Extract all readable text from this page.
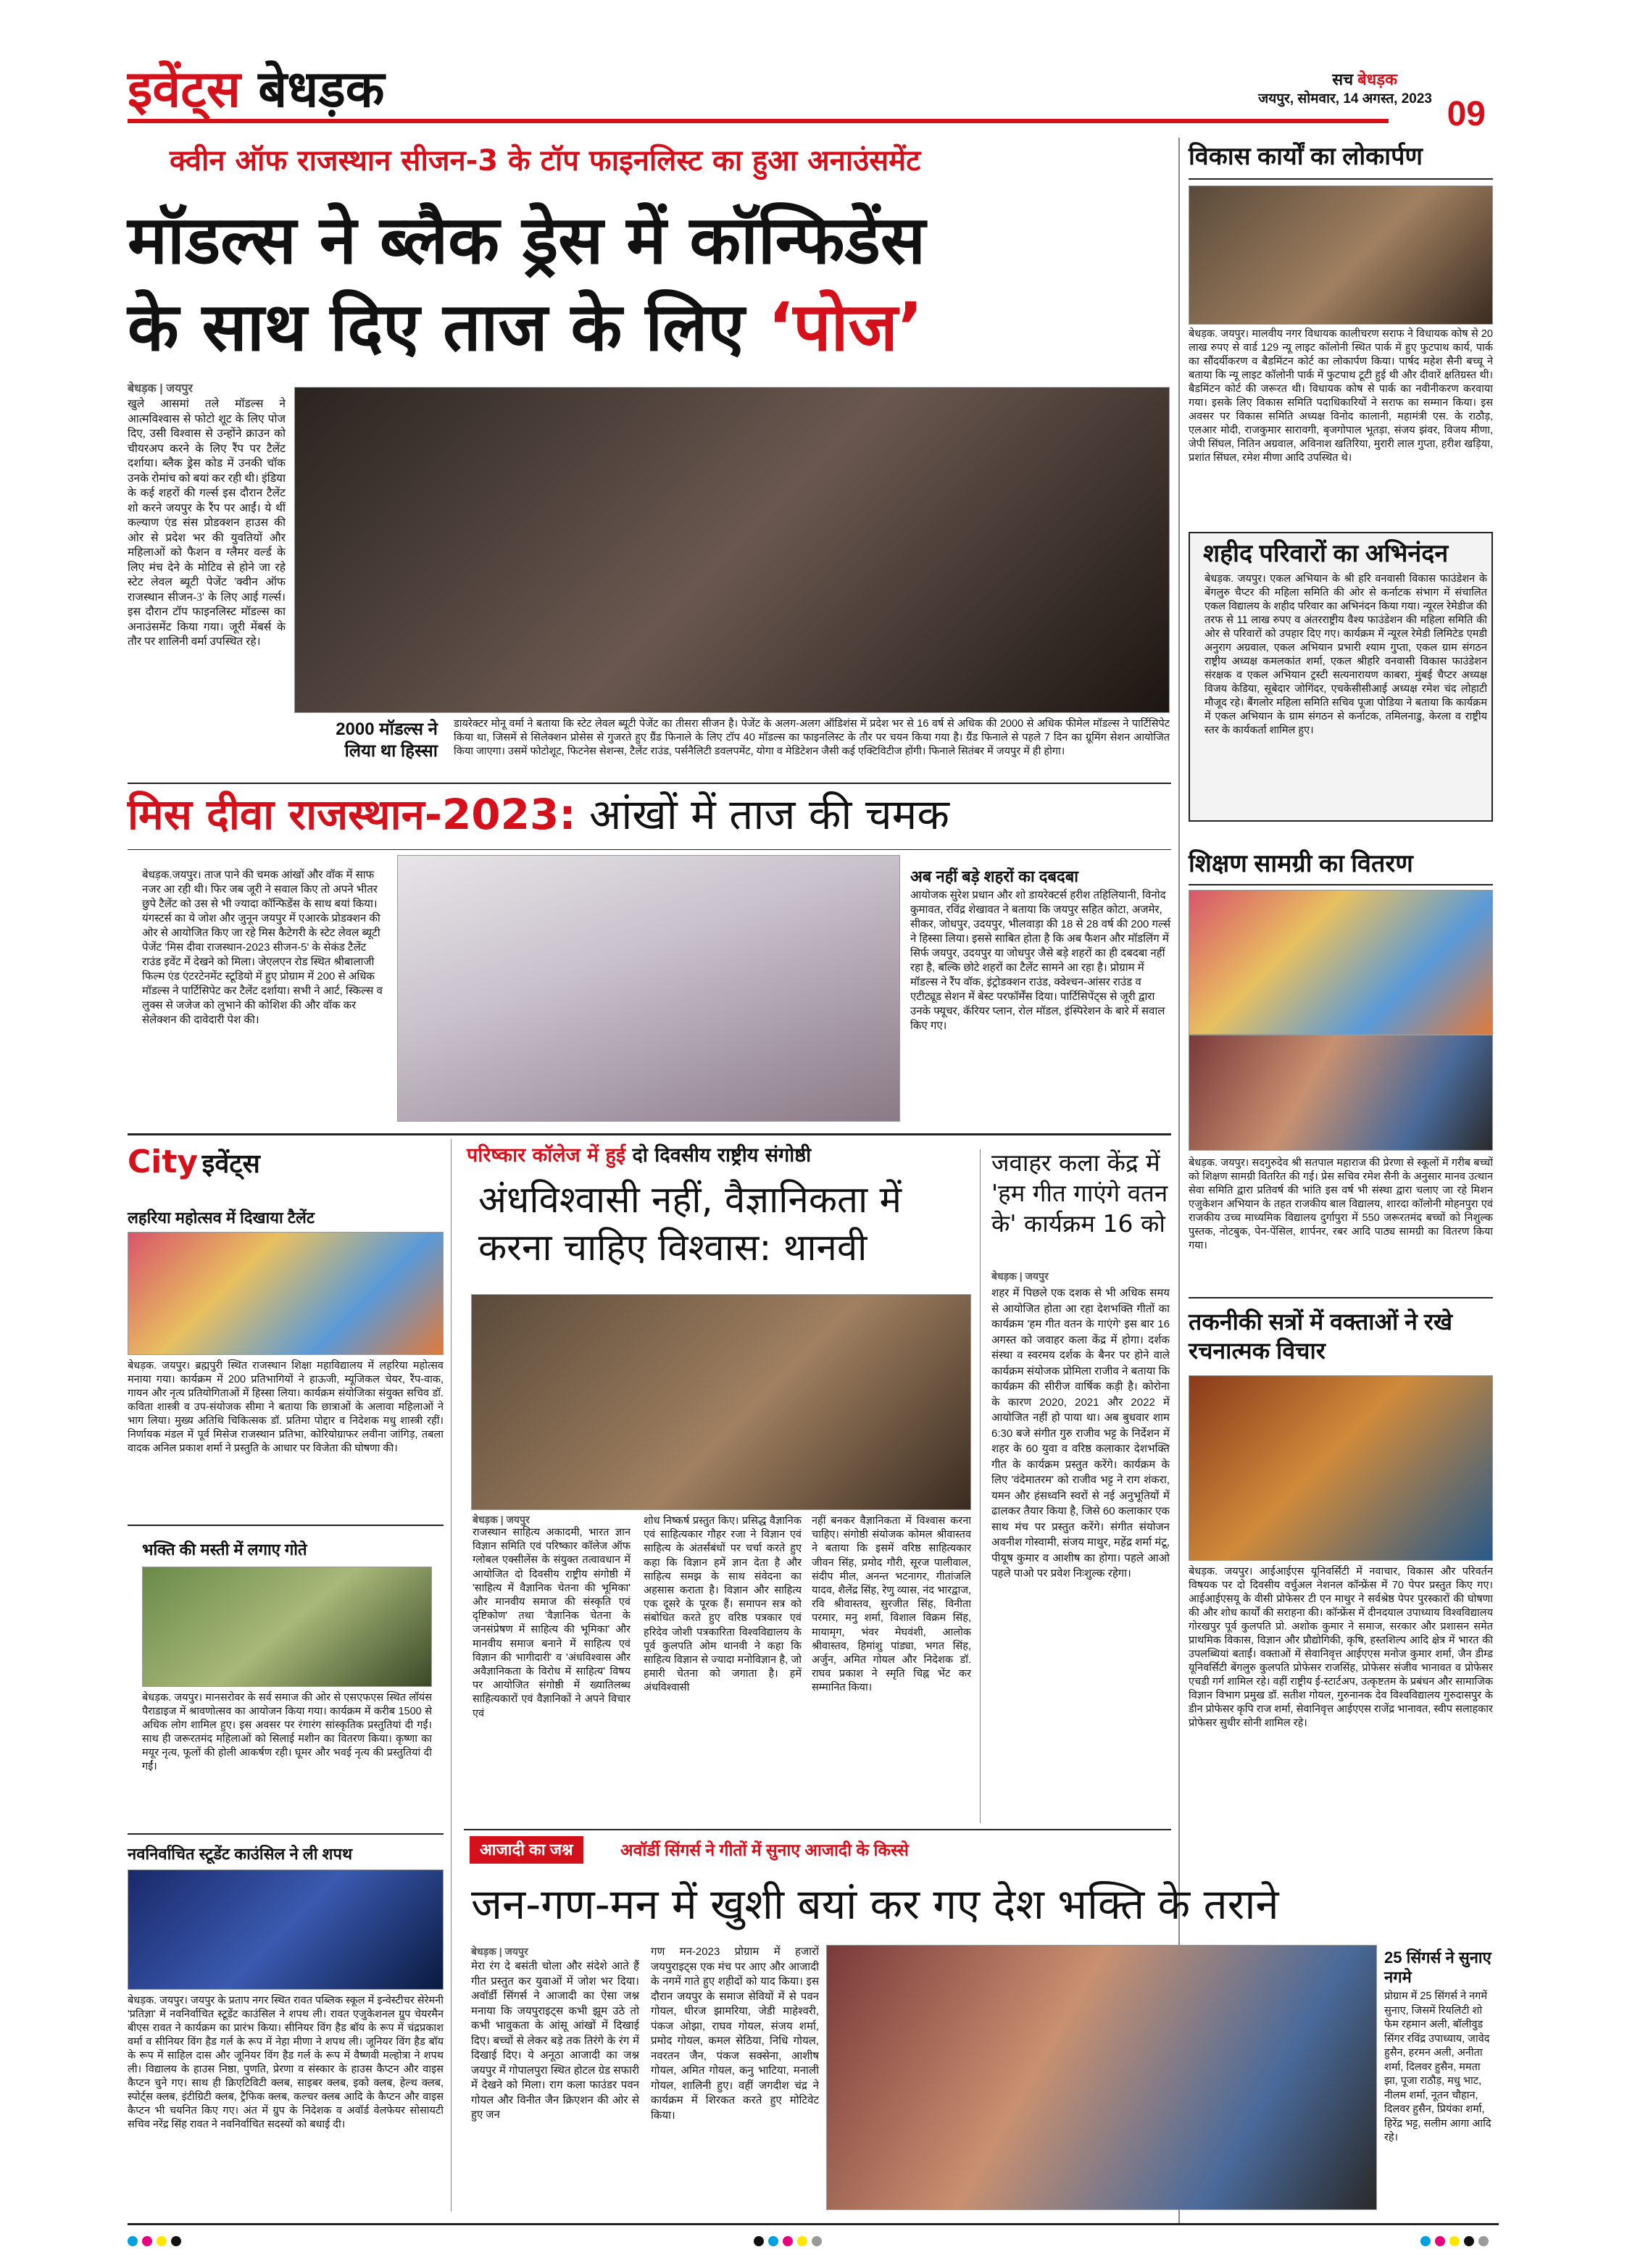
इवेंट्स बेधड़क	सच बेधड़क
जयपुर, सोमवार, 14 अगस्त, 2023 09
क्वीन ऑफ राजस्थान सीजन-3 के टॉप फाइनलिस्ट का हुआ अनाउंसमेंट
मॉडल्स ने ब्लैक ड्रेस में कॉन्फिडेंस
के साथ दिए ताज के लिए ‘पोज’
बेधड़क | जयपुर
खुले आसमां तले मॉडल्स ने आत्मविश्वास से फोटो शूट के लिए पोज दिए, उसी विश्वास से उन्होंने क्राउन को चीयरअप करने के लिए रैंप पर टैलेंट दर्शाया। ब्लैक ड्रेस कोड में उनकी चॉक उनके रोमांच को बयां कर रही थी। इंडिया के कई शहरों की गर्ल्स इस दौरान टैलेंट शो करने जयपुर के रैंप पर आईं। ये थीं कल्याण एंड संस प्रोडक्शन हाउस की ओर से प्रदेश भर की युवतियों और महिलाओं को फैशन व ग्लैमर वर्ल्ड के लिए मंच देने के मोटिव से होने जा रहे स्टेट लेवल ब्यूटी पेजेंट 'क्वीन ऑफ राजस्थान सीजन-3' के लिए आई गर्ल्स। इस दौरान टॉप फाइनलिस्ट मॉडल्स का अनाउंसमेंट किया गया। जूरी मेंबर्स के तौर पर शालिनी वर्मा उपस्थित रहे।
2000 मॉडल्स ने लिया था हिस्सा
डायरेक्टर मोनू वर्मा ने बताया कि स्टेट लेवल ब्यूटी पेजेंट का तीसरा सीजन है। पेजेंट के अलग-अलग ऑडिशंस में प्रदेश भर से 16 वर्ष से अधिक की 2000 से अधिक फीमेल मॉडल्स ने पार्टिसिपेट किया था, जिसमें से सिलेक्शन प्रोसेस से गुजरते हुए ग्रैंड फिनाले के लिए टॉप 40 मॉडल्स का फाइनलिस्ट के तौर पर चयन किया गया है। ग्रैंड फिनाले से पहले 7 दिन का ग्रूमिंग सेशन आयोजित किया जाएगा। उसमें फोटोशूट, फिटनेस सेशन्स, टैलेंट राउंड, पर्सनैलिटी डवलपमेंट, योगा व मेडिटेशन जैसी कई एक्टिविटीज होंगी। फिनाले सितंबर में जयपुर में ही होगा।
मिस दीवा राजस्थान-2023: आंखों में ताज की चमक
बेधड़क.जयपुर। ताज पाने की चमक आंखों और वॉक में साफ नजर आ रही थी। फिर जब जूरी ने सवाल किए तो अपने भीतर छुपे टैलेंट को उस से भी ज्यादा कॉन्फिडेंस के साथ बयां किया। यंगस्टर्स का ये जोश और जुनून जयपुर में एआरके प्रोडक्शन की ओर से आयोजित किए जा रहे मिस कैटेगरी के स्टेट लेवल ब्यूटी पेजेंट 'मिस दीवा राजस्थान-2023 सीजन-5' के सेकंड टैलेंट राउंड इवेंट में देखने को मिला। जेएलएन रोड स्थित श्रीबालाजी फिल्म एंड एंटरटेनमेंट स्टूडियो में हुए प्रोग्राम में 200 से अधिक मॉडल्स ने पार्टिसिपेट कर टैलेंट दर्शाया। सभी ने आर्ट, स्किल्स व लुक्स से जजेज को लुभाने की कोशिश की और वॉक कर सेलेक्शन की दावेदारी पेश की।
अब नहीं बड़े शहरों का दबदबा
आयोजक सुरेश प्रधान और शो डायरेक्टर्स हरीश तहिलियानी, विनोद कुमावत, रविंद्र शेखावत ने बताया कि जयपुर सहित कोटा, अजमेर, सीकर, जोधपुर, उदयपुर, भीलवाड़ा की 18 से 28 वर्ष की 200 गर्ल्स ने हिस्सा लिया। इससे साबित होता है कि अब फैशन और मॉडलिंग में सिर्फ जयपुर, उदयपुर या जोधपुर जैसे बड़े शहरों का ही दबदबा नहीं रहा है, बल्कि छोटे शहरों का टैलेंट सामने आ रहा है। प्रोग्राम में मॉडल्स ने रैंप वॉक, इंट्रोडक्शन राउंड, क्वेश्चन-आंसर राउंड व एटीट्यूड सेशन में बेस्ट परफॉर्मेंस दिया। पार्टिसिपेंट्स से जूरी द्वारा उनके फ्यूचर, कॅरियर प्लान, रोल मॉडल, इंस्पिरेशन के बारे में सवाल किए गए।
विकास कार्यों का लोकार्पण
बेधड़क. जयपुर। मालवीय नगर विधायक कालीचरण सराफ ने विधायक कोष से 20 लाख रुपए से वार्ड 129 न्यू लाइट कॉलोनी स्थित पार्क में हुए फुटपाथ कार्य, पार्क का सौंदर्यीकरण व बैडमिंटन कोर्ट का लोकार्पण किया। पार्षद महेश सैनी बच्चू ने बताया कि न्यू लाइट कॉलोनी पार्क में फुटपाथ टूटी हुई थी और दीवारें क्षतिग्रस्त थी। बैडमिंटन कोर्ट की जरूरत थी। विधायक कोष से पार्क का नवीनीकरण करवाया गया। इसके लिए विकास समिति पदाधिकारियों ने सराफ का सम्मान किया। इस अवसर पर विकास समिति अध्यक्ष विनोद कालानी, महामंत्री एस. के राठौड़, एलआर मोदी, राजकुमार सारावगी, बृजगोपाल भूतड़ा, संजय झंवर, विजय मीणा, जेपी सिंघल, नितिन अग्रवाल, अविनाश खतिरिया, मुरारी लाल गुप्ता, हरीश खड़िया, प्रशांत सिंघल, रमेश मीणा आदि उपस्थित थे।
शहीद परिवारों का अभिनंदन
बेधड़क. जयपुर। एकल अभियान के श्री हरि वनवासी विकास फाउंडेशन के बेंगलुरु चैप्टर की महिला समिति की ओर से कर्नाटक संभाग में संचालित एकल विद्यालय के शहीद परिवार का अभिनंदन किया गया। न्यूरल रेमेडीज की तरफ से 11 लाख रुपए व अंतरराष्ट्रीय वैश्य फाउंडेशन की महिला समिति की ओर से परिवारों को उपहार दिए गए। कार्यक्रम में न्यूरल रेमेडी लिमिटेड एमडी अनुराग अग्रवाल, एकल अभियान प्रभारी श्याम गुप्ता, एकल ग्राम संगठन राष्ट्रीय अध्यक्ष कमलकांत शर्मा, एकल श्रीहरि वनवासी विकास फाउंडेशन संरक्षक व एकल अभियान ट्रस्टी सत्यनारायण काबरा, मुंबई चैप्टर अध्यक्ष विजय केडिया, सूबेदार जोगिंदर, एचकेसीसीआई अध्यक्ष रमेश चंद लोहाटी मौजूद रहे। बैंगलोर महिला समिति सचिव पूजा पोडिया ने बताया कि कार्यक्रम में एकल अभियान के ग्राम संगठन से कर्नाटक, तमिलनाडु, केरला व राष्ट्रीय स्तर के कार्यकर्ता शामिल हुए।
शिक्षण सामग्री का वितरण
बेधड़क. जयपुर। सदगुरुदेव श्री सतपाल महाराज की प्रेरणा से स्कूलों में गरीब बच्चों को शिक्षण सामग्री वितरित की गई। प्रेस सचिव रमेश सैनी के अनुसार मानव उत्थान सेवा समिति द्वारा प्रतिवर्ष की भांति इस वर्ष भी संस्था द्वारा चलाए जा रहे मिशन एजुकेशन अभियान के तहत राजकीय बाल विद्यालय, शारदा कॉलोनी मोहनपुरा एवं राजकीय उच्च माध्यमिक विद्यालय दुर्गापुरा में 550 जरूरतमंद बच्चों को निशुल्क पुस्तक, नोटबुक, पेन-पेंसिल, शार्पनर, रबर आदि पाठ्य सामग्री का वितरण किया गया।
तकनीकी सत्रों में वक्ताओं ने रखे रचनात्मक विचार
बेधड़क. जयपुर। आईआईएस यूनिवर्सिटी में नवाचार, विकास और परिवर्तन विषयक पर दो दिवसीय वर्चुअल नेशनल कॉन्फ्रेंस में 70 पेपर प्रस्तुत किए गए। आईआईएसयू के वीसी प्रोफेसर टी एन माथुर ने सर्वश्रेष्ठ पेपर पुरस्कारों की घोषणा की और शोध कार्यों की सराहना की। कॉन्फ्रेंस में दीनदयाल उपाध्याय विश्वविद्यालय गोरखपुर पूर्व कुलपति प्रो. अशोक कुमार ने समाज, सरकार और प्रशासन समेत प्राथमिक विकास, विज्ञान और प्रौद्योगिकी, कृषि, हस्तशिल्प आदि क्षेत्र में भारत की उपलब्धियां बताईं। वक्ताओं में सेवानिवृत्त आईएएस मनोज कुमार शर्मा, जैन डीम्ड यूनिवर्सिटी बेंगलुरु कुलपति प्रोफेसर राजसिंह, प्रोफेसर संजीव भानावत व प्रोफेसर एचडी गर्ग शामिल रहे। वहीं राष्ट्रीय ई-स्टार्टअप, उत्कृष्टतम के प्रबंधन और सामाजिक विज्ञान विभाग प्रमुख डॉ. सतीश गोयल, गुरुनानक देव विश्वविद्यालय गुरुदासपुर के डीन प्रोफेसर कृपि राज शर्मा, सेवानिवृत्त आईएएस राजेंद्र भानावत, स्वीप सलाहकार प्रोफेसर सुधीर सोनी शामिल रहे।
City इवेंट्स
लहरिया महोत्सव में दिखाया टैलेंट
बेधड़क. जयपुर। ब्रह्मपुरी स्थित राजस्थान शिक्षा महाविद्यालय में लहरिया महोत्सव मनाया गया। कार्यक्रम में 200 प्रतिभागियों ने हाऊजी, म्यूजिकल चेयर, रैंप-वाक, गायन और नृत्य प्रतियोगिताओं में हिस्सा लिया। कार्यक्रम संयोजिका संयुक्त सचिव डॉ. कविता शास्त्री व उप-संयोजक सीमा ने बताया कि छात्राओं के अलावा महिलाओं ने भाग लिया। मुख्य अतिथि चिकित्सक डॉ. प्रतिमा पोद्दार व निदेशक मधु शास्त्री रहीं। निर्णायक मंडल में पूर्व मिसेज राजस्थान प्रतिभा, कोरियोग्राफर लवीना जांगिड़, तबला वादक अनिल प्रकाश शर्मा ने प्रस्तुति के आधार पर विजेता की घोषणा की।
भक्ति की मस्ती में लगाए गोते
बेधड़क. जयपुर। मानसरोवर के सर्व समाज की ओर से एसएफएस स्थित लॉयंस पैराडाइज में श्रावणोत्सव का आयोजन किया गया। कार्यक्रम में करीब 1500 से अधिक लोग शामिल हुए। इस अवसर पर रंगारंग सांस्कृतिक प्रस्तुतियां दी गईं। साथ ही जरूरतमंद महिलाओं को सिलाई मशीन का वितरण किया। कृष्णा का मयूर नृत्य, फूलों की होली आकर्षण रही। घूमर और भवई नृत्य की प्रस्तुतियां दी गईं।
नवनिर्वाचित स्टूडेंट काउंसिल ने ली शपथ
बेधड़क. जयपुर। जयपुर के प्रताप नगर स्थित रावत पब्लिक स्कूल में इन्वेस्टीचर सेरेमनी 'प्रतिज्ञा' में नवनिर्वाचित स्टूडेंट काउंसिल ने शपथ ली। रावत एजुकेशनल ग्रुप चेयरमैन बीएस रावत ने कार्यक्रम का प्रारंभ किया। सीनियर विंग हैड बॉय के रूप में चंद्रप्रकाश वर्मा व सीनियर विंग हैड गर्ल के रूप में नेहा मीणा ने शपथ ली। जूनियर विंग हैड बॉय के रूप में साहिल दास और जूनियर विंग हैड गर्ल के रूप में वैष्णवी मल्होत्रा ने शपथ ली। विद्यालय के हाउस निष्ठा, पुणति, प्रेरणा व संस्कार के हाउस कैप्टन और वाइस कैप्टन चुने गए। साथ ही क्रिएटिविटी क्लब, साइबर क्लब, इको क्लब, हेल्थ क्लब, स्पोर्ट्स क्लब, इंटीग्रिटी क्लब, ट्रैफिक क्लब, कल्चर क्लब आदि के कैप्टन और वाइस कैप्टन भी चयनित किए गए। अंत में ग्रुप के निदेशक व अवॉर्ड वेलफेयर सोसायटी सचिव नरेंद्र सिंह रावत ने नवनिर्वाचित सदस्यों को बधाई दी।
परिष्कार कॉलेज में हुई दो दिवसीय राष्ट्रीय संगोष्ठी
अंधविश्वासी नहीं, वैज्ञानिकता में करना चाहिए विश्वास: थानवी
बेधड़क | जयपुर
राजस्थान साहित्य अकादमी, भारत ज्ञान विज्ञान समिति एवं परिष्कार कॉलेज ऑफ ग्लोबल एक्सीलेंस के संयुक्त तत्वावधान में आयोजित दो दिवसीय राष्ट्रीय संगोष्ठी में 'साहित्य में वैज्ञानिक चेतना की भूमिका' और मानवीय समाज की संस्कृति एवं दृष्टिकोण' तथा 'वैज्ञानिक चेतना के जनसंप्रेषण में साहित्य की भूमिका' और मानवीय समाज बनाने में साहित्य एवं विज्ञान की भागीदारी' व 'अंधविश्वास और अवैज्ञानिकता के विरोध में साहित्य' विषय पर आयोजित संगोष्ठी में ख्यातिलब्ध साहित्यकारों एवं वैज्ञानिकों ने अपने विचार एवं
शोध निष्कर्ष प्रस्तुत किए। प्रसिद्ध वैज्ञानिक एवं साहित्यकार गौहर रजा ने विज्ञान एवं साहित्य के अंतर्संबंधों पर चर्चा करते हुए कहा कि विज्ञान हमें ज्ञान देता है और साहित्य समझ के साथ संवेदना का अहसास कराता है। विज्ञान और साहित्य एक दूसरे के पूरक हैं। समापन सत्र को संबोधित करते हुए वरिष्ठ पत्रकार एवं हरिदेव जोशी पत्रकारिता विश्वविद्यालय के पूर्व कुलपति ओम थानवी ने कहा कि साहित्य विज्ञान से ज्यादा मनोविज्ञान है, जो हमारी चेतना को जगाता है। हमें अंधविश्वासी
नहीं बनकर वैज्ञानिकता में विश्वास करना चाहिए। संगोष्ठी संयोजक कोमल श्रीवास्तव ने बताया कि इसमें वरिष्ठ साहित्यकार जीवन सिंह, प्रमोद गौरी, सूरज पालीवाल, संदीप मील, अनन्त भटनागर, गीतांजलि यादव, शैलेंद्र सिंह, रेणु व्यास, नंद भारद्वाज, रवि श्रीवास्तव, सुरजीत सिंह, विनीता परमार, मनु शर्मा, विशाल विक्रम सिंह, मायामृग, भंवर मेघवंशी, आलोक श्रीवास्तव, हिमांशु पांड्या, भगत सिंह, अर्जुन, अमित गोयल और निदेशक डॉ. राघव प्रकाश ने स्मृति चिह्न भेंट कर सम्मानित किया।
जवाहर कला केंद्र में 'हम गीत गाएंगे वतन के' कार्यक्रम 16 को
बेधड़क | जयपुर
शहर में पिछले एक दशक से भी अधिक समय से आयोजित होता आ रहा देशभक्ति गीतों का कार्यक्रम 'हम गीत वतन के गाएंगे' इस बार 16 अगस्त को जवाहर कला केंद्र में होगा। दर्शक संस्था व स्वरमय दर्शक के बैनर पर होने वाले कार्यक्रम संयोजक प्रोमिला राजीव ने बताया कि कार्यक्रम की सीरीज वार्षिक कड़ी है। कोरोना के कारण 2020, 2021 और 2022 में आयोजित नहीं हो पाया था। अब बुधवार शाम 6:30 बजे संगीत गुरु राजीव भट्ट के निर्देशन में शहर के 60 युवा व वरिष्ठ कलाकार देशभक्ति गीत के कार्यक्रम प्रस्तुत करेंगे। कार्यक्रम के लिए 'वंदेमातरम' को राजीव भट्ट ने राग शंकरा, यमन और हंसध्वनि स्वरों से नई अनुभूतियों में ढालकर तैयार किया है, जिसे 60 कलाकार एक साथ मंच पर प्रस्तुत करेंगे। संगीत संयोजन अवनीश गोस्वामी, संजय माथुर, महेंद्र शर्मा मंटू, पीयूष कुमार व आशीष का होगा। पहले आओ पहले पाओ पर प्रवेश निःशुल्क रहेगा।
आजादी का जश्न	अवॉर्डी सिंगर्स ने गीतों में सुनाए आजादी के किस्से
जन-गण-मन में खुशी बयां कर गए देश भक्ति के तराने
बेधड़क | जयपुर
मेरा रंग दे बसंती चोला और संदेशे आते हैं गीत प्रस्तुत कर युवाओं में जोश भर दिया। अवॉर्डी सिंगर्स ने आजादी का ऐसा जश्न मनाया कि जयपुराइट्स कभी झूम उठे तो कभी भावुकता के आंसू आंखों में दिखाई दिए। बच्चों से लेकर बड़े तक तिरंगे के रंग में दिखाई दिए। ये अनूठा आजादी का जश्न जयपुर में गोपालपुरा स्थित होटल ग्रेड सफारी में देखने को मिला। राग कला फाउंडर पवन गोयल और विनीत जैन क्रिएशन की ओर से हुए जन
गण मन-2023 प्रोग्राम में हजारों जयपुराइट्स एक मंच पर आए और आजादी के नगमें गाते हुए शहीदों को याद किया। इस दौरान जयपुर के समाज सेवियों में से पवन गोयल, धीरज झामरिया, जेडी माहेश्वरी, पंकज ओझा, राघव गोयल, संजय शर्मा, प्रमोद गोयल, कमल सेठिया, निधि गोयल, नवरतन जैन, पंकज सक्सेना, आशीष गोयल, अमित गोयल, कनु भाटिया, मनाली गोयल, शालिनी हुए। वहीं जगदीश चंद्र ने कार्यक्रम में शिरकत करते हुए मोटिवेट किया।
25 सिंगर्स ने सुनाए नगमे
प्रोग्राम में 25 सिंगर्स ने नगमें सुनाए, जिसमें रियलिटी शो फेम रहमान अली, बॉलीवुड सिंगर रविंद्र उपाध्याय, जावेद हुसैन, हरमन अली, अनीता शर्मा, दिलवर हुसैन, ममता झा, पूजा राठौड़, मधु भाट, नीलम शर्मा, नूतन चौहान, दिलवर हुसैन, प्रियंका शर्मा, हिरेंद्र भट्ट, सलीम आगा आदि रहे।
